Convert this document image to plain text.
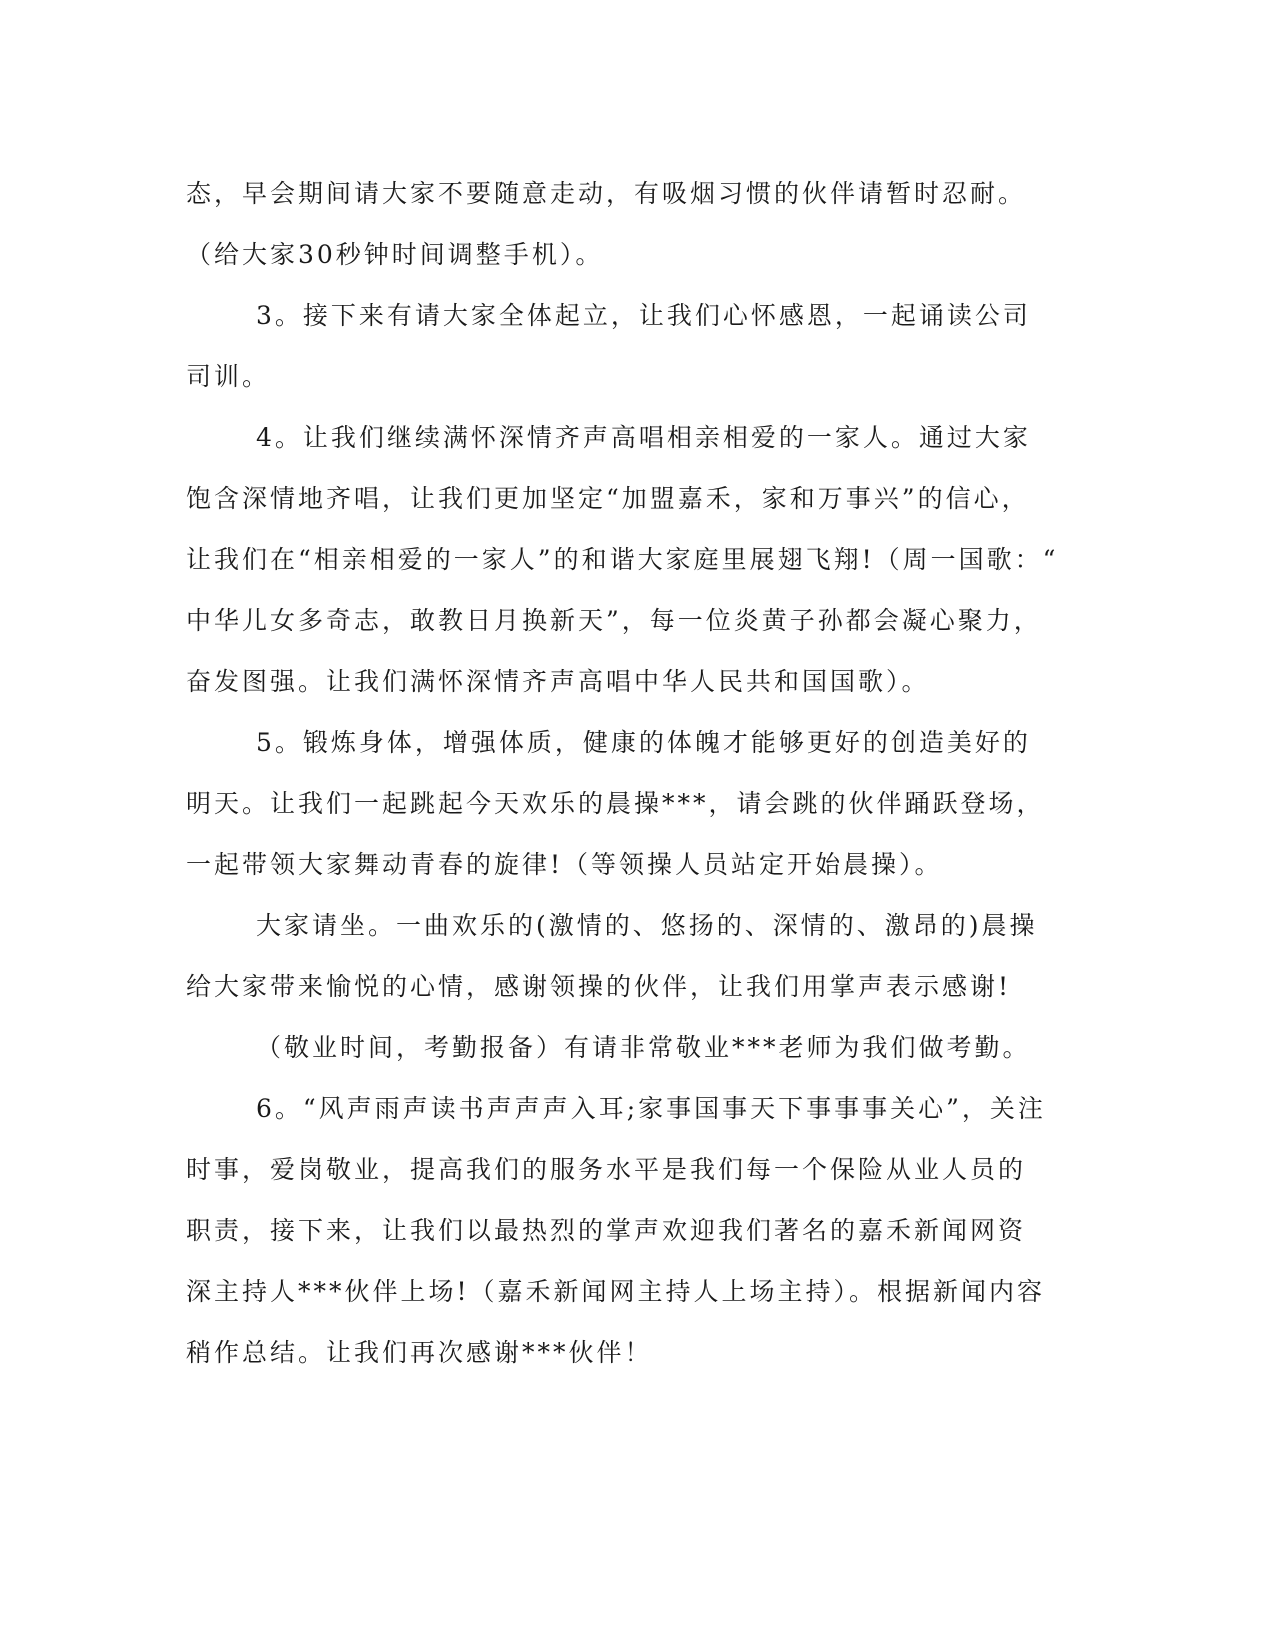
态，早会期间请大家不要随意走动，有吸烟习惯的伙伴请暂时忍耐。
（给大家30秒钟时间调整手机）。
3。接下来有请大家全体起立，让我们心怀感恩，一起诵读公司
司训。
4。让我们继续满怀深情齐声高唱相亲相爱的一家人。通过大家
饱含深情地齐唱，让我们更加坚定“加盟嘉禾，家和万事兴”的信心，
让我们在“相亲相爱的一家人”的和谐大家庭里展翅飞翔!（周一国歌：“
中华儿女多奇志，敢教日月换新天”，每一位炎黄子孙都会凝心聚力，
奋发图强。让我们满怀深情齐声高唱中华人民共和国国歌）。
5。锻炼身体，增强体质，健康的体魄才能够更好的创造美好的
明天。让我们一起跳起今天欢乐的晨操***，请会跳的伙伴踊跃登场，
一起带领大家舞动青春的旋律!（等领操人员站定开始晨操）。
大家请坐。一曲欢乐的(激情的、悠扬的、深情的、激昂的)晨操
给大家带来愉悦的心情，感谢领操的伙伴，让我们用掌声表示感谢!
（敬业时间，考勤报备）有请非常敬业***老师为我们做考勤。
6。“风声雨声读书声声声入耳;家事国事天下事事事关心”，关注
时事，爱岗敬业，提高我们的服务水平是我们每一个保险从业人员的
职责，接下来，让我们以最热烈的掌声欢迎我们著名的嘉禾新闻网资
深主持人***伙伴上场!（嘉禾新闻网主持人上场主持）。根据新闻内容
稍作总结。让我们再次感谢***伙伴！
